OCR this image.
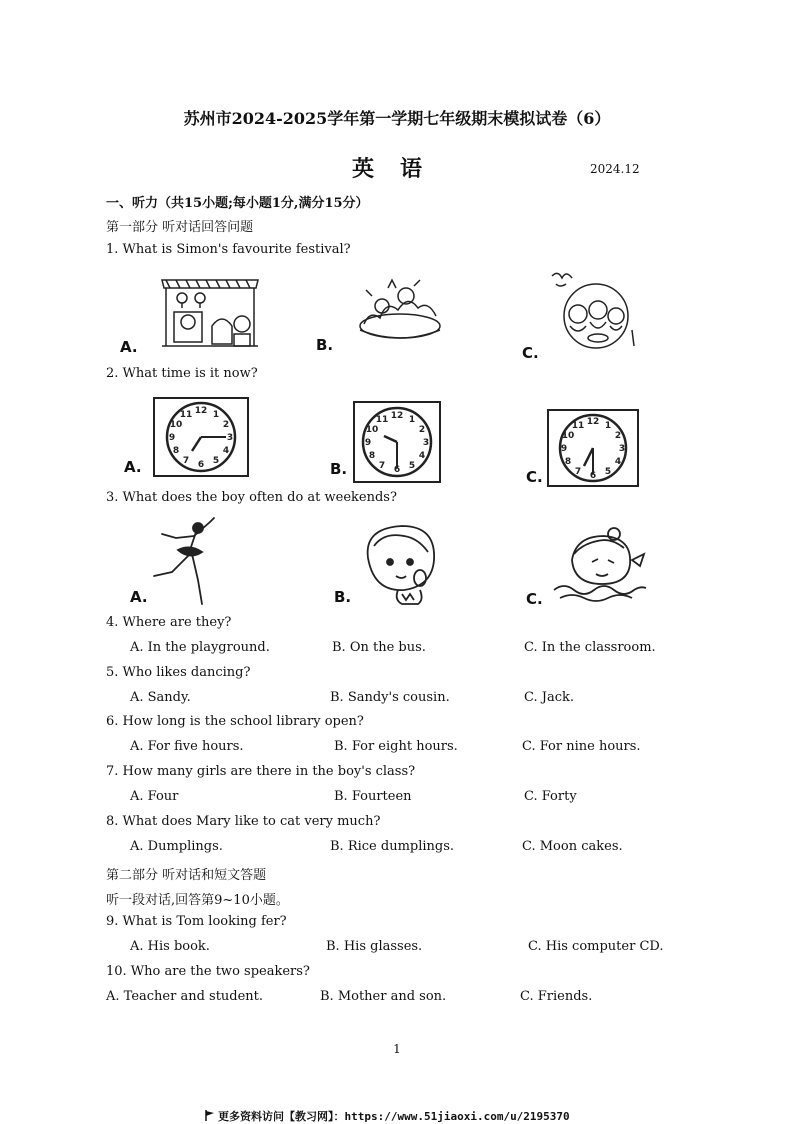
苏州市2024-2025学年第一学期七年级期末模拟试卷（6）
英语	2024.12
一、听力（共15小题;每小题1分,满分15分）
第一部分 听对话回答问题
1. What is Simon's favourite festival?
A.	B.	C.
2. What time is it now?
A.	B.	C.
12 1
2
3
4
5
6
7
8
9
10
11	12 1
2
3
4
5
6
7
8
9
10
11	12 1
2
3
4
5
6
7
8
9
10
11
3. What does the boy often do at weekends?
A.	B.	C.
4. Where are they?
A. In the playground.	B. On the bus.	C. In the classroom.
5. Who likes dancing?
A. Sandy.	B. Sandy's cousin.	C. Jack.
6. How long is the school library open?
A. For five hours.	B. For eight hours.	C. For nine hours.
7. How many girls are there in the boy's class?
A. Four	B. Fourteen	C. Forty
8. What does Mary like to cat very much?
A. Dumplings.	B. Rice dumplings.	C. Moon cakes.
第二部分 听对话和短文答题
听一段对话,回答第9~10小题。
9. What is Tom looking fer?
A. His book.	B. His glasses.	C. His computer CD.
10. Who are the two speakers?
A. Teacher and student.	B. Mother and son.	C. Friends.
1
更多资料访问【教习网】：https://www.51jiaoxi.com/u/2195370
